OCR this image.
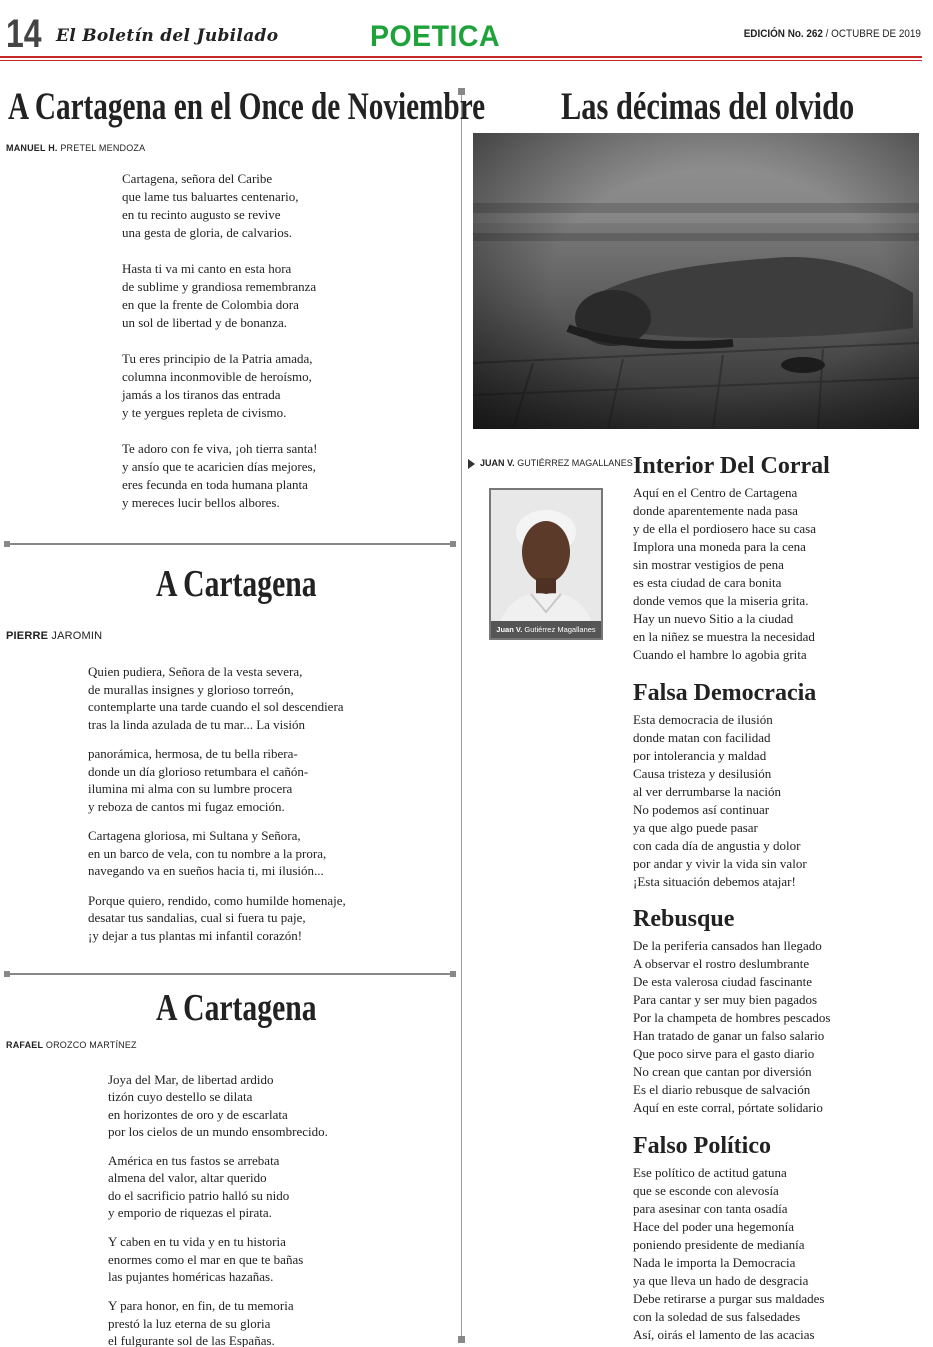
14 El Boletín del Jubilado	POETICA	EDICIÓN No. 262 / OCTUBRE DE 2019
A Cartagena en el Once de Noviembre
MANUEL H. PRETEL MENDOZA
Cartagena, señora del Caribe
que lame tus baluartes centenario,
en tu recinto augusto se revive
una gesta de gloria, de calvarios.
Hasta ti va mi canto en esta hora
de sublime y grandiosa remembranza
en que la frente de Colombia dora
un sol de libertad y de bonanza.
Tu eres principio de la Patria amada,
columna inconmovible de heroísmo,
jamás a los tiranos das entrada
y te yergues repleta de civismo.
Te adoro con fe viva, ¡oh tierra santa!
y ansío que te acaricien días mejores,
eres fecunda en toda humana planta
y mereces lucir bellos albores.
A Cartagena
PIERRE JAROMIN
Quien pudiera, Señora de la vesta severa,
de murallas insignes y glorioso torreón,
contemplarte una tarde cuando el sol descendiera
tras la linda azulada de tu mar... La visión
panorámica, hermosa, de tu bella ribera-
donde un día glorioso retumbara el cañón-
ilumina mi alma con su lumbre procera
y reboza de cantos mi fugaz emoción.
Cartagena gloriosa, mi Sultana y Señora,
en un barco de vela, con tu nombre a la prora,
navegando va en sueños hacia ti, mi ilusión...
Porque quiero, rendido, como humilde homenaje,
desatar tus sandalias, cual si fuera tu paje,
¡y dejar a tus plantas mi infantil corazón!
A Cartagena
RAFAEL OROZCO MARTÍNEZ
Joya del Mar, de libertad ardido
tizón cuyo destello se dilata
en horizontes de oro y de escarlata
por los cielos de un mundo ensombrecido.
América en tus fastos se arrebata
almena del valor, altar querido
do el sacrificio patrio halló su nido
y emporio de riquezas el pirata.
Y caben en tu vida y en tu historia
enormes como el mar en que te bañas
las pujantes homéricas hazañas.
Y para honor, en fin, de tu memoria
prestó la luz eterna de su gloria
el fulgurante sol de las Españas.
Las décimas del olvido
JUAN V. GUTIÉRREZ MAGALLANES
Juan V. Gutiérrez Magallanes
Interior Del Corral
Aquí en el Centro de Cartagena
donde aparentemente nada pasa
y de ella el pordiosero hace su casa
Implora una moneda para la cena
sin mostrar vestigios de pena
es esta ciudad de cara bonita
donde vemos que la miseria grita.
Hay un nuevo Sitio a la ciudad
en la niñez se muestra la necesidad
Cuando el hambre lo agobia grita
Falsa Democracia
Esta democracia de ilusión
donde matan con facilidad
por intolerancia y maldad
Causa tristeza y desilusión
al ver derrumbarse la nación
No podemos así continuar
ya que algo puede pasar
con cada día de angustia y dolor
por andar y vivir la vida sin valor
¡Esta situación debemos atajar!
Rebusque
De la periferia cansados han llegado
A observar el rostro deslumbrante
De esta valerosa ciudad fascinante
Para cantar y ser muy bien pagados
Por la champeta de hombres pescados
Han tratado de ganar un falso salario
Que poco sirve para el gasto diario
No crean que cantan por diversión
Es el diario rebusque de salvación
Aquí en este corral, pórtate solidario
Falso Político
Ese político de actitud gatuna
que se esconde con alevosía
para asesinar con tanta osadía
Hace del poder una hegemonía
poniendo presidente de medianía
Nada le importa la Democracia
ya que lleva un hado de desgracia
Debe retirarse a purgar sus maldades
con la soledad de sus falsedades
Así, oirás el lamento de las acacias
